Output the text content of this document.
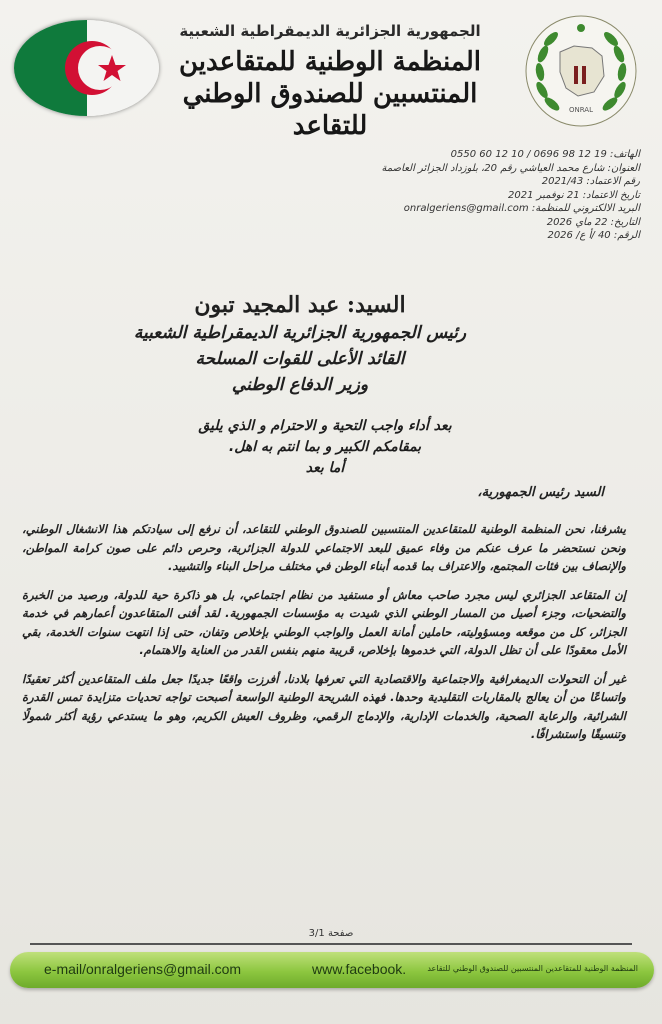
الجمهورية الجزائرية الديمقراطية الشعبية
المنظمة الوطنية للمتقاعدين
المنتسبين للصندوق الوطني
للتقاعد
ONRAL
الهاتف: 19 12 98 0696 / 10 12 60 0550
العنوان: شارع محمد العياشي رقم 20، بلوزداد الجزائر العاصمة
رقم الاعتماد: 2021/43
تاريخ الاعتماد: 21 نوفمبر 2021
البريد الالكتروني للمنظمة: onralgeriens@gmail.com
التاريخ: 22 ماي 2026
الرقم: 40 /أ ع/ 2026
السيد: عبد المجيد تبون
رئيس الجمهورية الجزائرية الديمقراطية الشعبية
القائد الأعلى للقوات المسلحة
وزير الدفاع الوطني
بعد أداء واجب التحية و الاحترام و الذي يليق
بمقامكم الكبير و بما انتم به اهل.
أما بعد
السيد رئيس الجمهورية،

يشرفنا، نحن المنظمة الوطنية للمتقاعدين المنتسبين للصندوق الوطني للتقاعد، أن نرفع إلى سيادتكم هذا الانشغال الوطني، ونحن نستحضر ما عرف عنكم من وفاء عميق للبعد الاجتماعي للدولة الجزائرية، وحرص دائم على صون كرامة المواطن، والإنصاف بين فئات المجتمع، والاعتراف بما قدمه أبناء الوطن في مختلف مراحل البناء والتشييد.

إن المتقاعد الجزائري ليس مجرد صاحب معاش أو مستفيد من نظام اجتماعي، بل هو ذاكرة حية للدولة، ورصيد من الخبرة والتضحيات، وجزء أصيل من المسار الوطني الذي شيدت به مؤسسات الجمهورية. لقد أفنى المتقاعدون أعمارهم في خدمة الجزائر، كل من موقعه ومسؤوليته، حاملين أمانة العمل والواجب الوطني بإخلاص وتفان، حتى إذا انتهت سنوات الخدمة، بقي الأمل معقودًا على أن تظل الدولة، التي خدموها بإخلاص، قريبة منهم بنفس القدر من العناية والاهتمام.

غير أن التحولات الديمغرافية والاجتماعية والاقتصادية التي تعرفها بلادنا، أفرزت واقعًا جديدًا جعل ملف المتقاعدين أكثر تعقيدًا واتساعًا من أن يعالج بالمقاربات التقليدية وحدها. فهذه الشريحة الوطنية الواسعة أصبحت تواجه تحديات متزايدة تمس القدرة الشرائية، والرعاية الصحية، والخدمات الإدارية، والإدماج الرقمي، وظروف العيش الكريم، وهو ما يستدعي رؤية أكثر شمولًا وتنسيقًا واستشرافًا.

صفحة 3/1
e-mail/onralgeriens@gmail.com	www.facebook.	المنظمة الوطنية للمتقاعدين المنتسبين للصندوق الوطني للتقاعد
